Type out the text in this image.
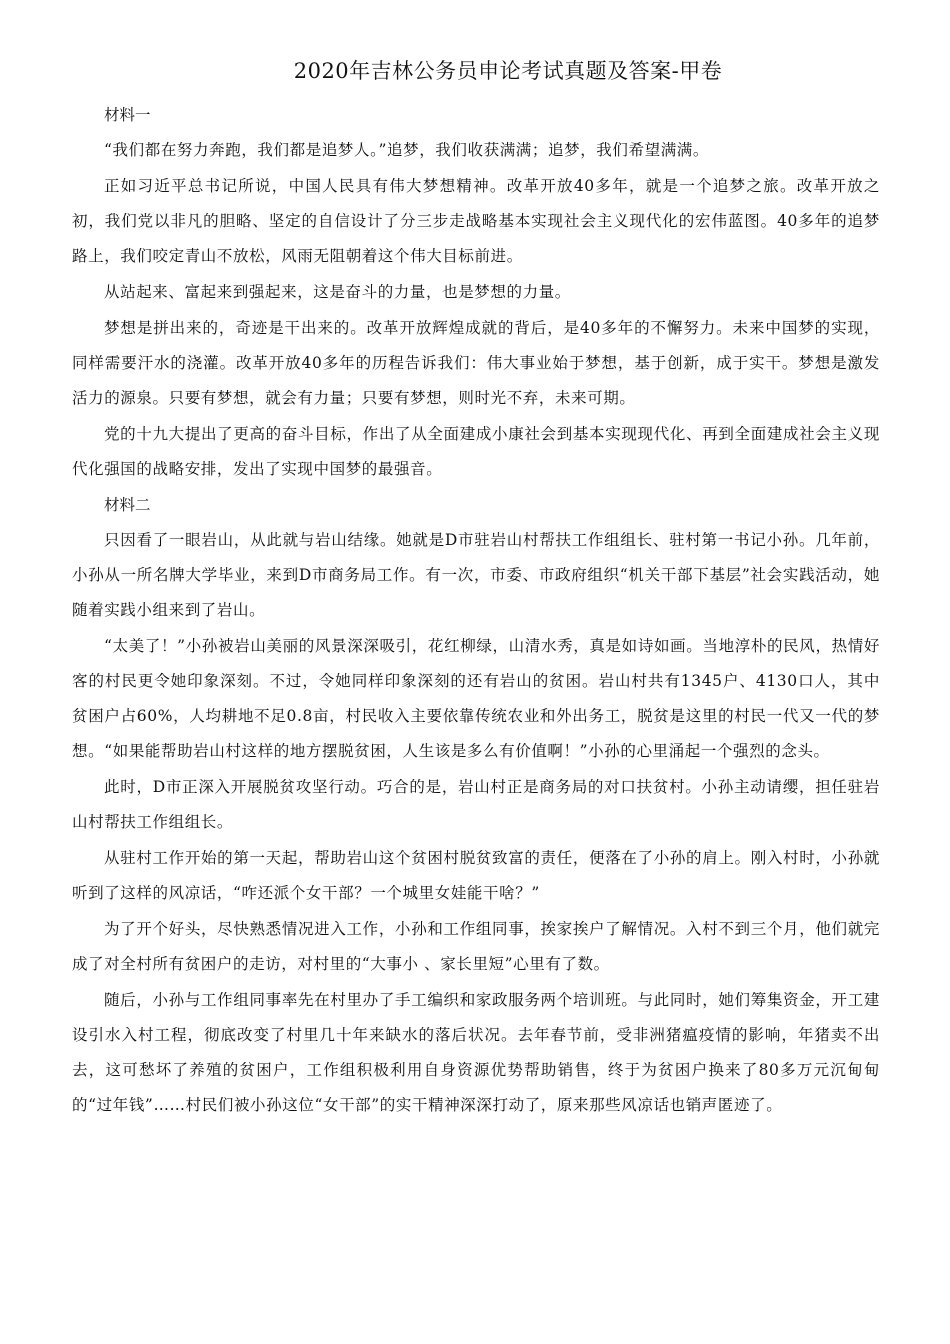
2020年吉林公务员申论考试真题及答案-甲卷

材料一

“我们都在努力奔跑，我们都是追梦人。”追梦，我们收获满满；追梦，我们希望满满。

正如习近平总书记所说，中国人民具有伟大梦想精神。改革开放40多年，就是一个追梦之旅。改革开放之初，我们党以非凡的胆略、坚定的自信设计了分三步走战略基本实现社会主义现代化的宏伟蓝图。40多年的追梦路上，我们咬定青山不放松，风雨无阻朝着这个伟大目标前进。

从站起来、富起来到强起来，这是奋斗的力量，也是梦想的力量。

梦想是拼出来的，奇迹是干出来的。改革开放辉煌成就的背后，是40多年的不懈努力。未来中国梦的实现，同样需要汗水的浇灌。改革开放40多年的历程告诉我们：伟大事业始于梦想，基于创新，成于实干。梦想是激发活力的源泉。只要有梦想，就会有力量；只要有梦想，则时光不弃，未来可期。

党的十九大提出了更高的奋斗目标，作出了从全面建成小康社会到基本实现现代化、再到全面建成社会主义现代化强国的战略安排，发出了实现中国梦的最强音。

材料二

只因看了一眼岩山，从此就与岩山结缘。她就是D市驻岩山村帮扶工作组组长、驻村第一书记小孙。几年前，小孙从一所名牌大学毕业，来到D市商务局工作。有一次，市委、市政府组织“机关干部下基层”社会实践活动，她随着实践小组来到了岩山。

“太美了！”小孙被岩山美丽的风景深深吸引，花红柳绿，山清水秀，真是如诗如画。当地淳朴的民风，热情好客的村民更令她印象深刻。不过，令她同样印象深刻的还有岩山的贫困。岩山村共有1345户、4130口人，其中贫困户占60%，人均耕地不足0.8亩，村民收入主要依靠传统农业和外出务工，脱贫是这里的村民一代又一代的梦想。“如果能帮助岩山村这样的地方摆脱贫困，人生该是多么有价值啊！”小孙的心里涌起一个强烈的念头。

此时，D市正深入开展脱贫攻坚行动。巧合的是，岩山村正是商务局的对口扶贫村。小孙主动请缨，担任驻岩山村帮扶工作组组长。

从驻村工作开始的第一天起，帮助岩山这个贫困村脱贫致富的责任，便落在了小孙的肩上。刚入村时，小孙就听到了这样的风凉话，“咋还派个女干部？一个城里女娃能干啥？”

为了开个好头，尽快熟悉情况进入工作，小孙和工作组同事，挨家挨户了解情况。入村不到三个月，他们就完成了对全村所有贫困户的走访，对村里的“大事小 、家长里短”心里有了数。

随后，小孙与工作组同事率先在村里办了手工编织和家政服务两个培训班。与此同时，她们筹集资金，开工建设引水入村工程，彻底改变了村里几十年来缺水的落后状况。去年春节前，受非洲猪瘟疫情的影响，年猪卖不出去，这可愁坏了养殖的贫困户，工作组积极利用自身资源优势帮助销售，终于为贫困户换来了80多万元沉甸甸的“过年钱”……村民们被小孙这位“女干部”的实干精神深深打动了，原来那些风凉话也销声匿迹了。
